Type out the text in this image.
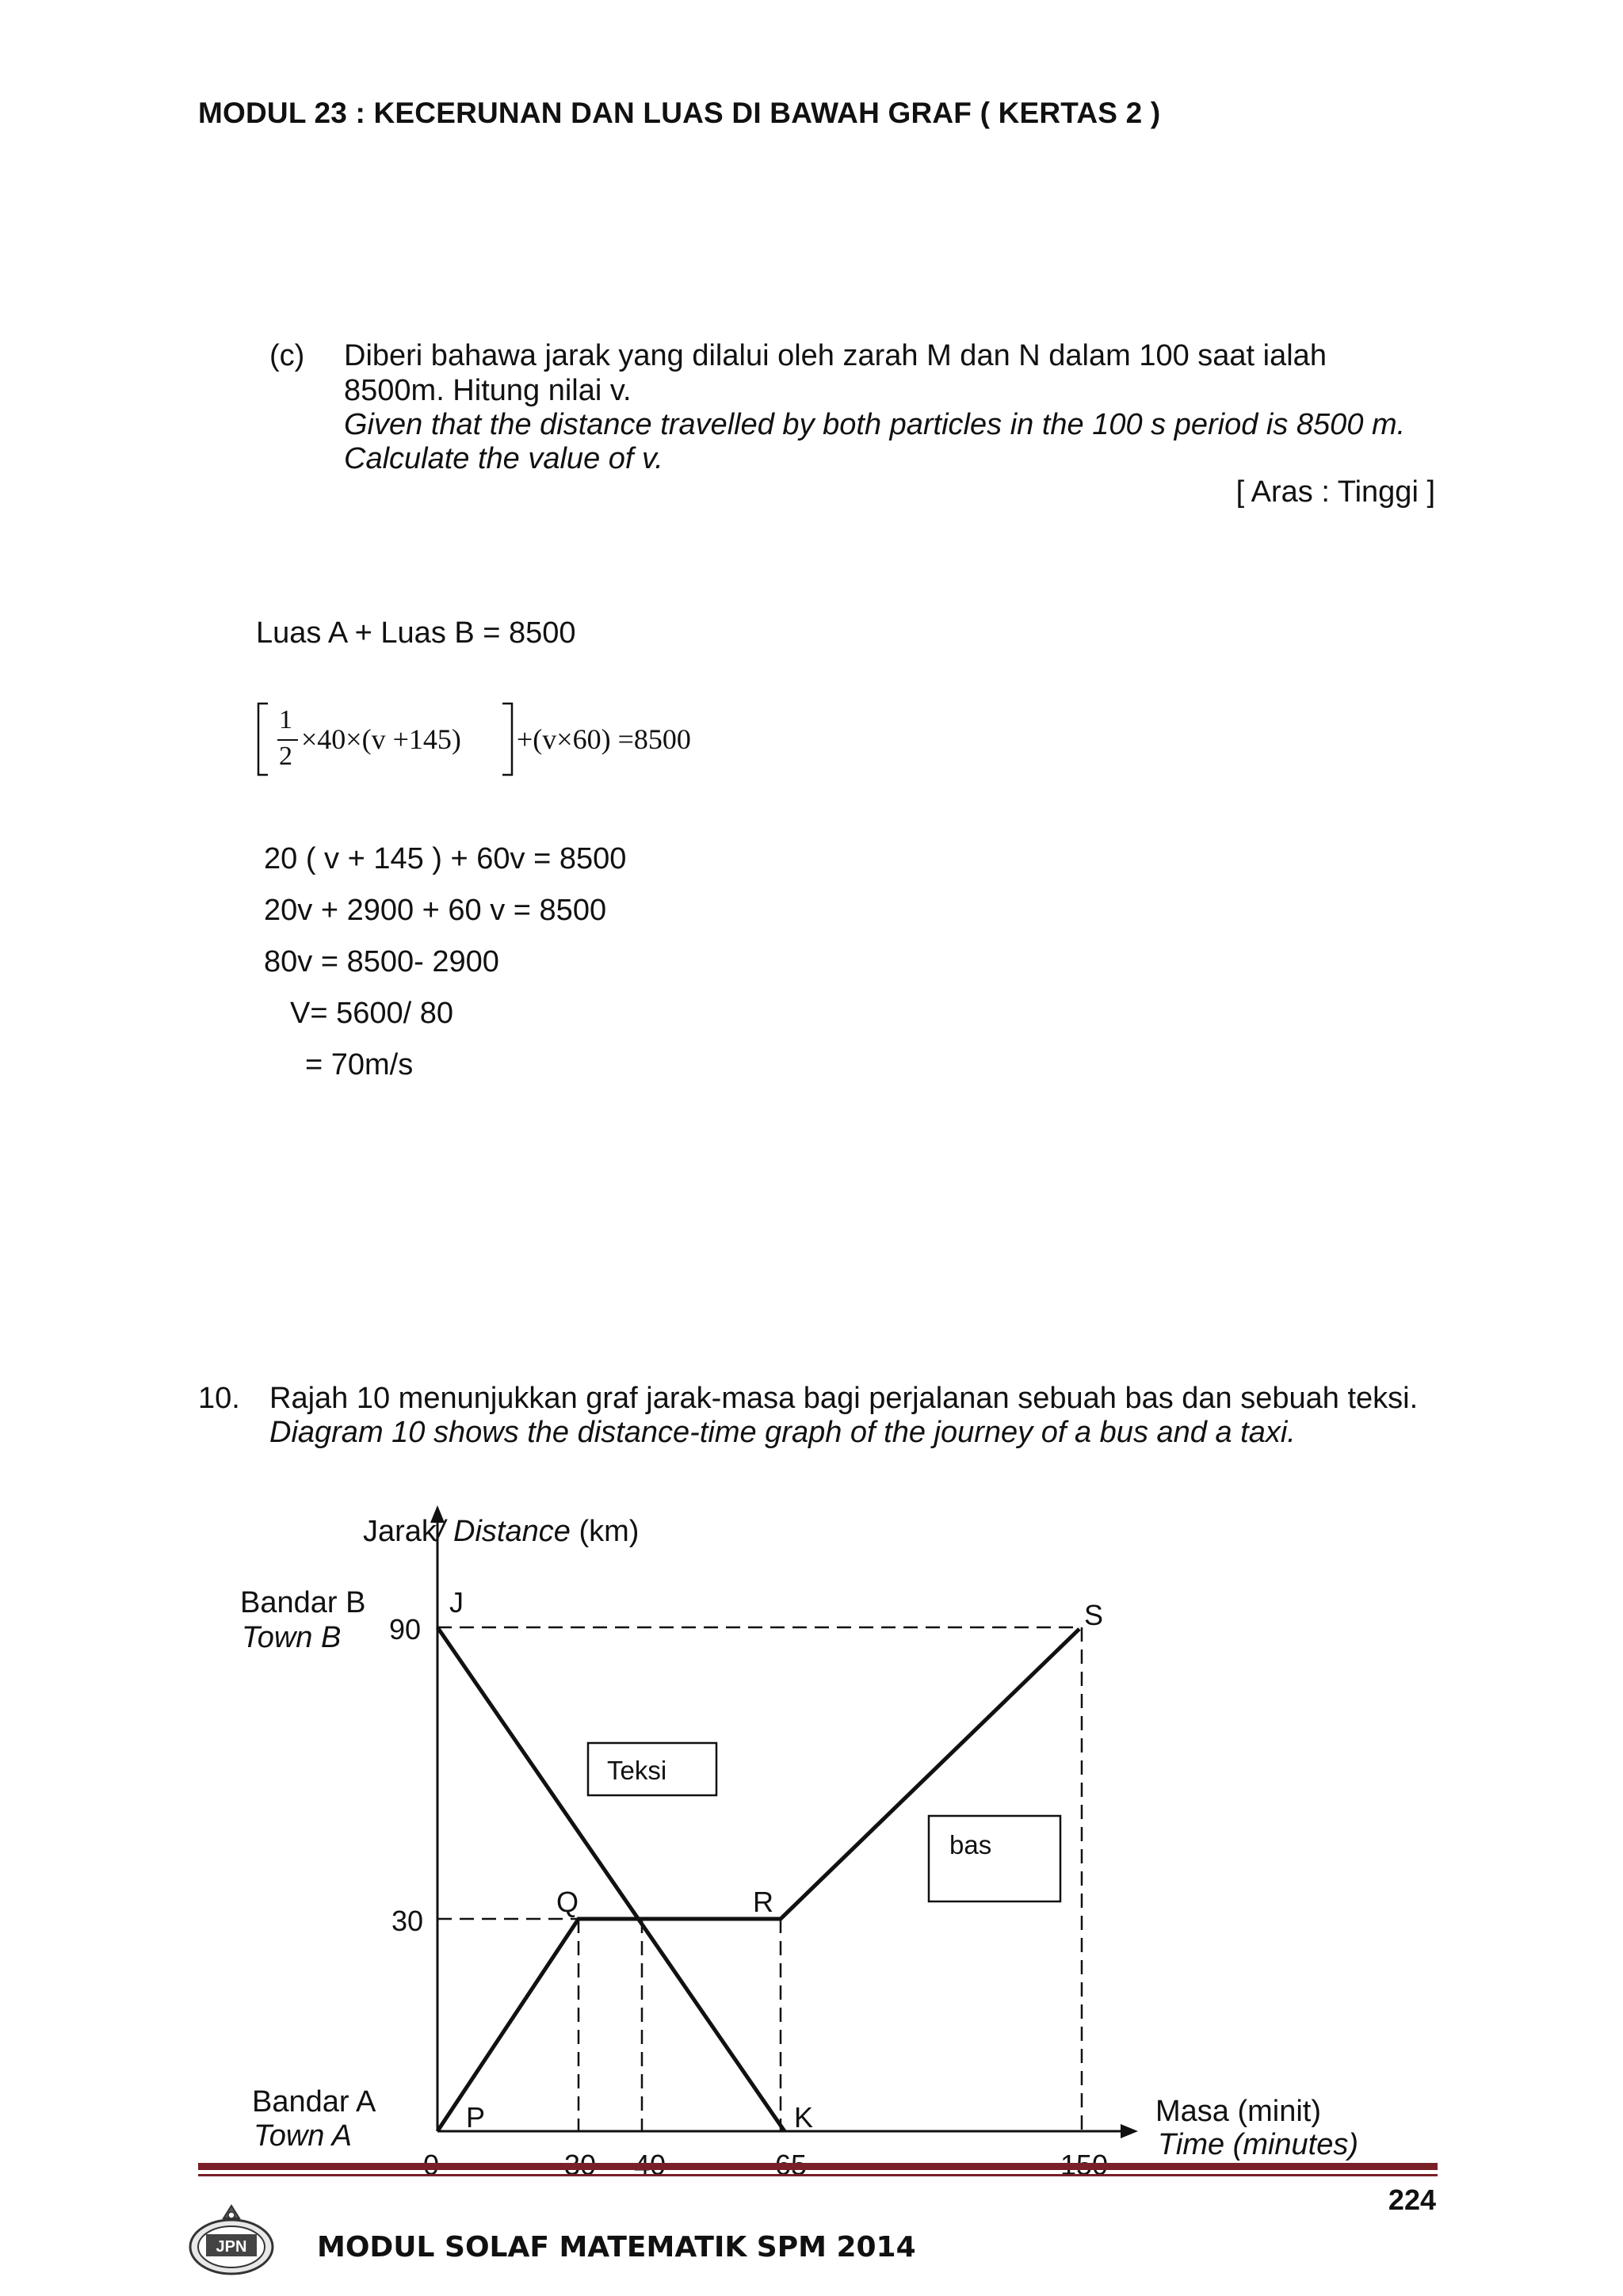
MODUL 23 : KECERUNAN DAN LUAS DI BAWAH GRAF ( KERTAS 2 )
(c) Diberi bahawa jarak yang dilalui oleh zarah M dan N dalam 100 saat ialah
8500m. Hitung nilai v.
Given that the distance travelled by both particles in the 100 s period is 8500 m.
Calculate the value of v.
[ Aras : Tinggi ]
Luas A + Luas B = 8500
1
2
×40×(v +145) +(v×60) =8500
20 ( v + 145 ) + 60v = 8500
20v + 2900 + 60 v = 8500
80v = 8500- 2900
V= 5600/ 80
= 70m/s
10. Rajah 10 menunjukkan graf jarak-masa bagi perjalanan sebuah bas dan sebuah teksi.
Diagram 10 shows the distance-time graph of the journey of a bus and a taxi.
Jarak/ Distance (km)
Bandar B
Town B 90
30
J	S
Q	R
P	K
Teksi
bas
Bandar A
Town A
Masa (minit)
Time (minutes)
224
JPN MODUL SOLAF MATEMATIK SPM 2014
